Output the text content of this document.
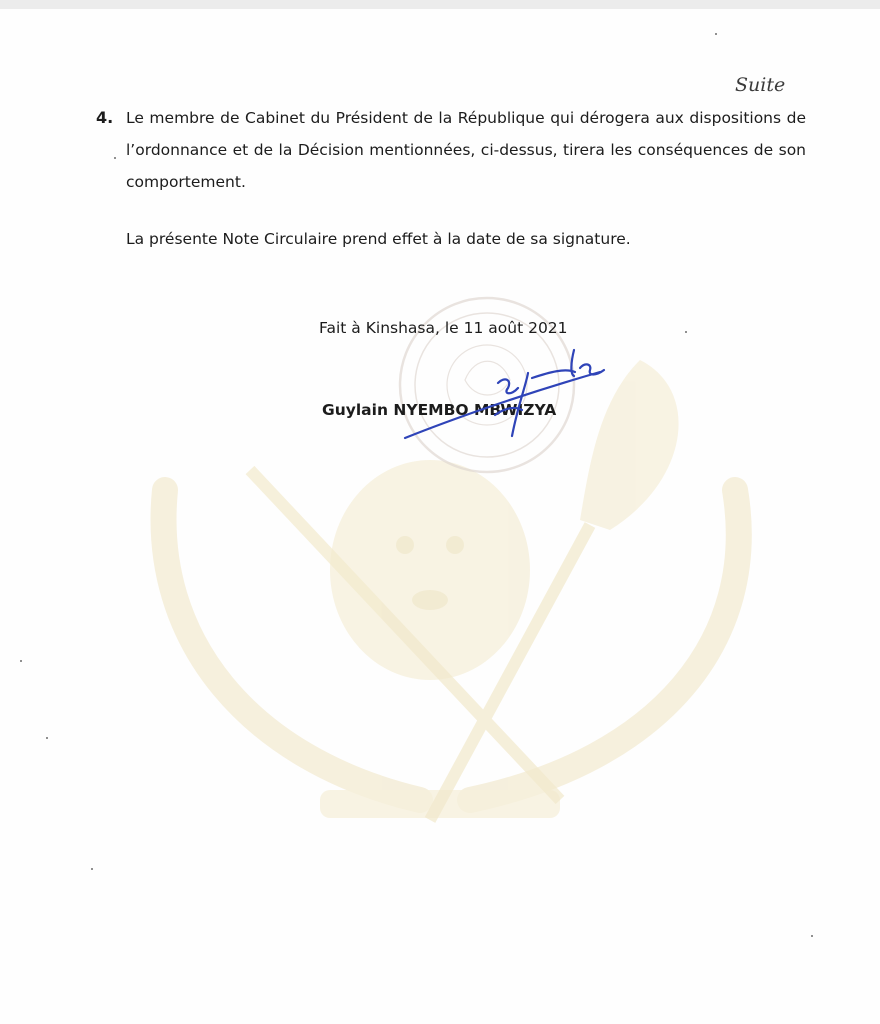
Suite
4. Le membre de Cabinet du Président de la République qui dérogera aux dispositions de l’ordonnance et de la Décision mentionnées, ci-dessus, tirera les conséquences de son comportement.
La présente Note Circulaire prend effet à la date de sa signature.
Fait à Kinshasa, le 11 août 2021
Guylain NYEMBO MBWIZYA
